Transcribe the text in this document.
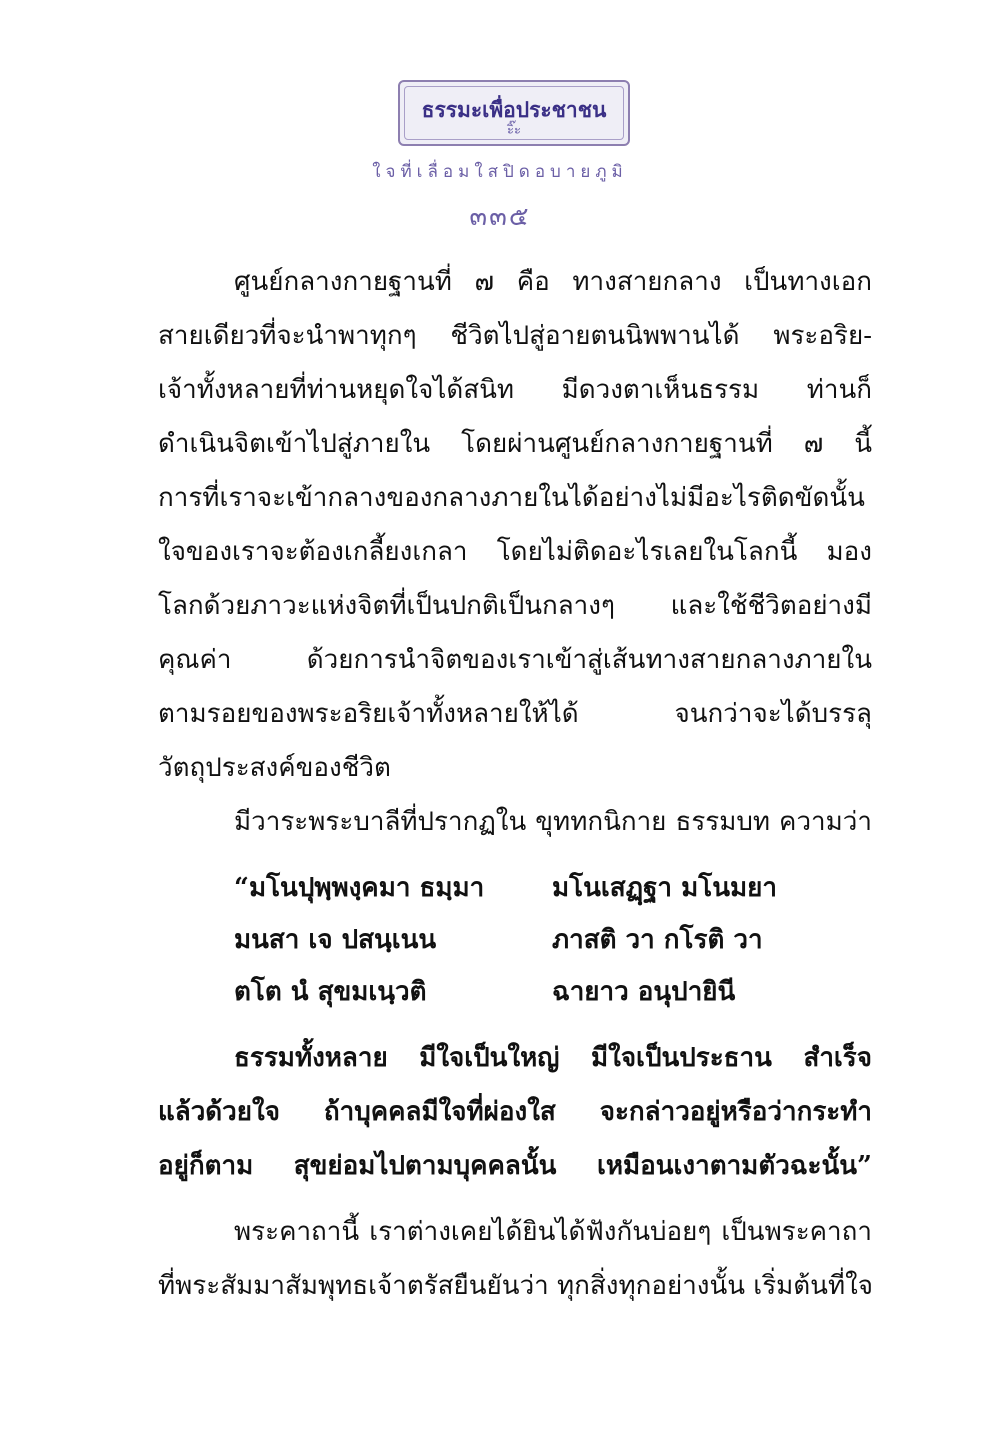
ธรรมะเพื่อประชาชน
ะิ๊ะ
ใจที่เลื่อมใสปิดอบายภูมิ
๓๓๕
ศูนย์กลางกายฐานที่ ๗ คือ ทางสายกลาง เป็นทางเอก
สายเดียวที่จะนำพาทุกๆ ชีวิตไปสู่อายตนนิพพานได้ พระอริย-
เจ้าทั้งหลายที่ท่านหยุดใจได้สนิท มีดวงตาเห็นธรรม ท่านก็
ดำเนินจิตเข้าไปสู่ภายใน โดยผ่านศูนย์กลางกายฐานที่ ๗ นี้
การที่เราจะเข้ากลางของกลางภายในได้อย่างไม่มีอะไรติดขัดนั้น
ใจของเราจะต้องเกลี้ยงเกลา โดยไม่ติดอะไรเลยในโลกนี้ มอง
โลกด้วยภาวะแห่งจิตที่เป็นปกติเป็นกลางๆ และใช้ชีวิตอย่างมี
คุณค่า ด้วยการนำจิตของเราเข้าสู่เส้นทางสายกลางภายใน
ตามรอยของพระอริยเจ้าทั้งหลายให้ได้ จนกว่าจะได้บรรลุ
วัตถุประสงค์ของชีวิต
มีวาระพระบาลีที่ปรากฏใน ขุททกนิกาย ธรรมบท ความว่า
“มโนปุพฺพงฺคมา ธมฺมา	มโนเสฏฺฐา มโนมยา
มนสา เจ ปสนฺเนน	ภาสติ วา กโรติ วา
ตโต นํ สุขมเนฺวติ	ฉายาว อนุปายินี
ธรรมทั้งหลาย มีใจเป็นใหญ่ มีใจเป็นประธาน สำเร็จ
แล้วด้วยใจ ถ้าบุคคลมีใจที่ผ่องใส จะกล่าวอยู่หรือว่ากระทำ
อยู่ก็ตาม สุขย่อมไปตามบุคคลนั้น เหมือนเงาตามตัวฉะนั้น”
พระคาถานี้ เราต่างเคยได้ยินได้ฟังกันบ่อยๆ เป็นพระคาถา
ที่พระสัมมาสัมพุทธเจ้าตรัสยืนยันว่า ทุกสิ่งทุกอย่างนั้น เริ่มต้นที่ใจ
